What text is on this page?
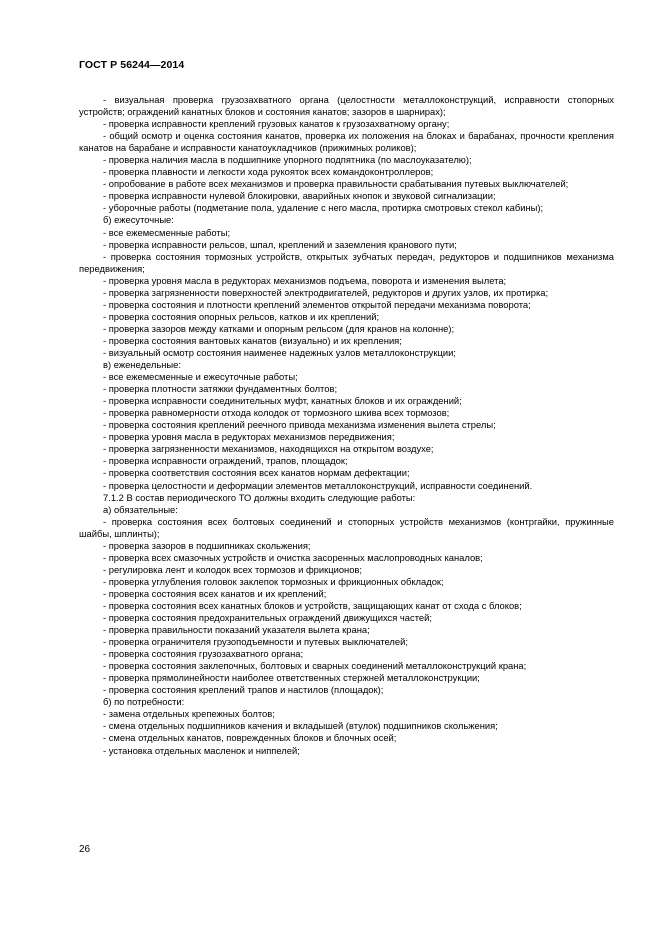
ГОСТ Р 56244—2014

- визуальная проверка грузозахватного органа (целостности металлоконструкций, исправности стопорных устройств; ограждений канатных блоков и состояния канатов; зазоров в шарнирах);

- проверка исправности креплений грузовых канатов к грузозахватному органу;

- общий осмотр и оценка состояния канатов, проверка их положения на блоках и барабанах, прочности крепления канатов на барабане и исправности канатоукладчиков (прижимных роликов);

- проверка наличия масла в подшипнике упорного подпятника (по маслоуказателю);

- проверка плавности и легкости хода рукояток всех командоконтроллеров;

- опробование в работе всех механизмов и проверка правильности срабатывания путевых выключателей;

- проверка исправности нулевой блокировки, аварийных кнопок и звуковой сигнализации;

- уборочные работы (подметание пола, удаление с него масла, протирка смотровых стекол кабины);

б) ежесуточные:

- все ежемесменные работы;

- проверка исправности рельсов, шпал, креплений и заземления кранового пути;

- проверка состояния тормозных устройств, открытых зубчатых передач, редукторов и подшипников механизма передвижения;

- проверка уровня масла в редукторах механизмов подъема, поворота и изменения вылета;

- проверка загрязненности поверхностей электродвигателей, редукторов и других узлов, их протирка;

- проверка состояния и плотности креплений элементов открытой передачи механизма поворота;

- проверка состояния опорных рельсов, катков и их креплений;

- проверка зазоров между катками и опорным рельсом (для кранов на колонне);

- проверка состояния вантовых канатов (визуально) и их крепления;

- визуальный осмотр состояния наименее надежных узлов металлоконструкции;

в) еженедельные:

- все ежемесменные и ежесуточные работы;

- проверка плотности затяжки фундаментных болтов;

- проверка исправности соединительных муфт, канатных блоков и их ограждений;

- проверка равномерности отхода колодок от тормозного шкива всех тормозов;

- проверка состояния креплений реечного привода механизма изменения вылета стрелы;

- проверка уровня масла в редукторах механизмов передвижения;

- проверка загрязненности механизмов, находящихся на открытом воздухе;

- проверка исправности ограждений, трапов, площадок;

- проверка соответствия состояния всех канатов нормам дефектации;

- проверка целостности и деформации элементов металлоконструкций, исправности соединений.

7.1.2 В состав периодического ТО должны входить следующие работы:

а) обязательные:

- проверка состояния всех болтовых соединений и стопорных устройств механизмов (контргайки, пружинные шайбы, шплинты);

- проверка зазоров в подшипниках скольжения;

- проверка всех смазочных устройств и очистка засоренных маслопроводных каналов;

- регулировка лент и колодок всех тормозов и фрикционов;

- проверка углубления головок заклепок тормозных и фрикционных обкладок;

- проверка состояния всех канатов и их креплений;

- проверка состояния всех канатных блоков и устройств, защищающих канат от схода с блоков;

- проверка состояния предохранительных ограждений движущихся частей;

- проверка правильности показаний указателя вылета крана;

- проверка ограничителя грузоподъемности и путевых выключателей;

- проверка состояния грузозахватного органа;

- проверка состояния заклепочных, болтовых и сварных соединений металлоконструкций крана;

- проверка прямолинейности наиболее ответственных стержней металлоконструкции;

- проверка состояния креплений трапов и настилов (площадок);

б) по потребности:

- замена отдельных крепежных болтов;

- смена отдельных подшипников качения и вкладышей (втулок) подшипников скольжения;

- смена отдельных канатов, поврежденных блоков и блочных осей;

- установка отдельных масленок и ниппелей;

26
